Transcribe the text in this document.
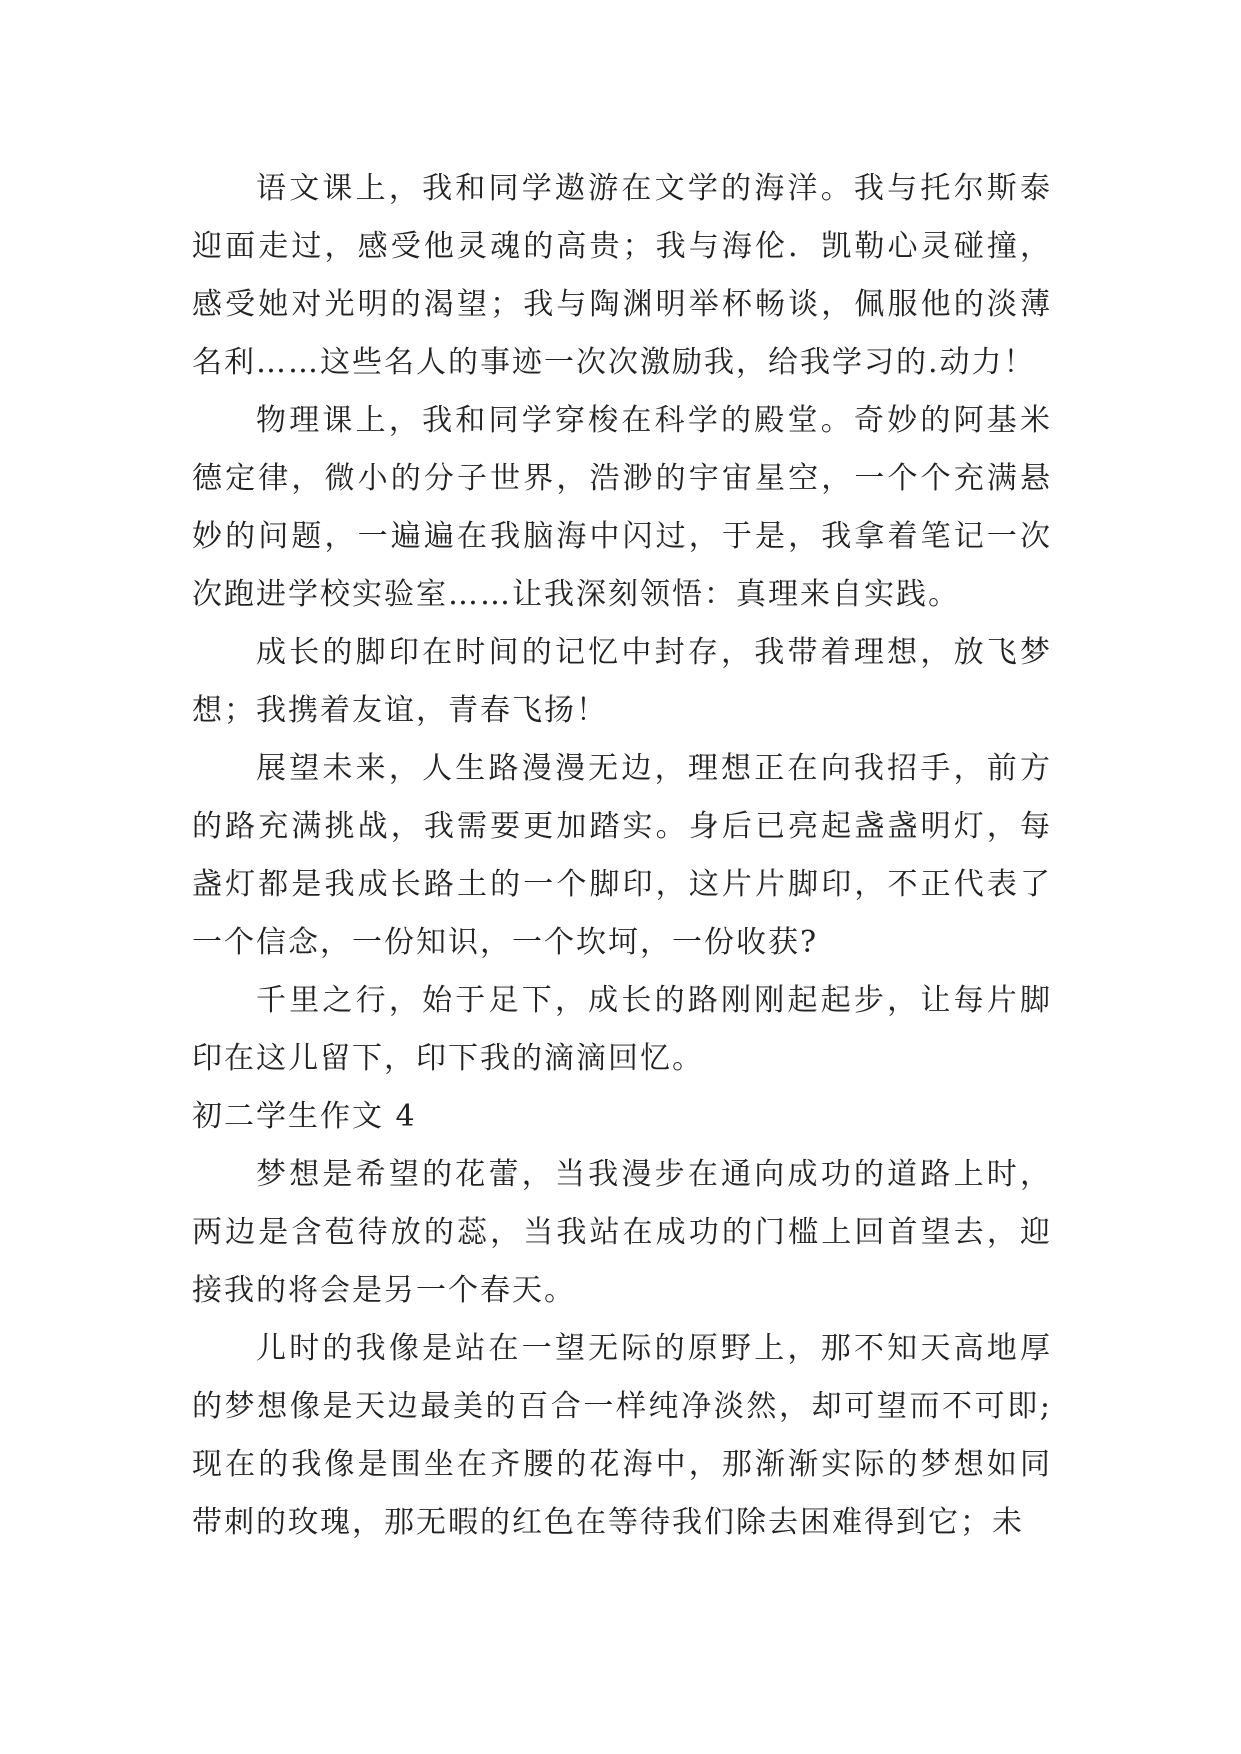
语文课上，我和同学遨游在文学的海洋。我与托尔斯泰迎面走过，感受他灵魂的高贵；我与海伦．凯勒心灵碰撞，感受她对光明的渴望；我与陶渊明举杯畅谈，佩服他的淡薄名利……这些名人的事迹一次次激励我，给我学习的.动力！

物理课上，我和同学穿梭在科学的殿堂。奇妙的阿基米德定律，微小的分子世界，浩渺的宇宙星空，一个个充满悬妙的问题，一遍遍在我脑海中闪过，于是，我拿着笔记一次次跑进学校实验室……让我深刻领悟：真理来自实践。

成长的脚印在时间的记忆中封存，我带着理想，放飞梦想；我携着友谊，青春飞扬！

展望未来，人生路漫漫无边，理想正在向我招手，前方的路充满挑战，我需要更加踏实。身后已亮起盏盏明灯，每盏灯都是我成长路土的一个脚印，这片片脚印，不正代表了一个信念，一份知识，一个坎坷，一份收获?

千里之行，始于足下，成长的路刚刚起起步，让每片脚印在这儿留下，印下我的滴滴回忆。

初二学生作文 4

梦想是希望的花蕾，当我漫步在通向成功的道路上时，两边是含苞待放的蕊，当我站在成功的门槛上回首望去，迎接我的将会是另一个春天。

儿时的我像是站在一望无际的原野上，那不知天高地厚的梦想像是天边最美的百合一样纯净淡然，却可望而不可即;现在的我像是围坐在齐腰的花海中，那渐渐实际的梦想如同带刺的玫瑰，那无暇的红色在等待我们除去困难得到它；未
